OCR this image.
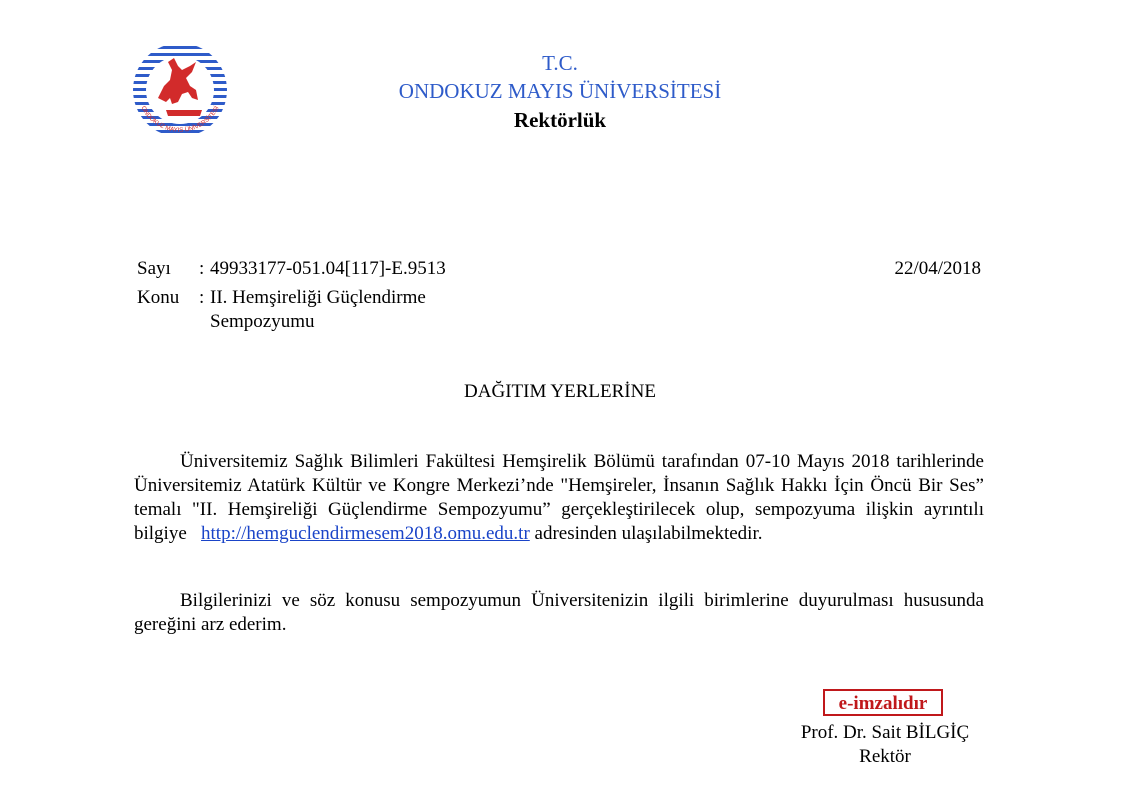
ONDOKUZ MAYIS ÜNİVERSİTESİ
T.C.
ONDOKUZ MAYIS ÜNİVERSİTESİ
Rektörlük
Sayı : 49933177-051.04[117]-E.9513	22/04/2018
Konu : II. Hemşireliği Güçlendirme
Sempozyumu
DAĞITIM YERLERİNE

Üniversitemiz Sağlık Bilimleri Fakültesi Hemşirelik Bölümü tarafından 07-10 Mayıs 2018 tarihlerinde Üniversitemiz Atatürk Kültür ve Kongre Merkezi’nde "Hemşireler, İnsanın Sağlık Hakkı İçin Öncü Bir Ses” temalı "II. Hemşireliği Güçlendirme Sempozyumu” gerçekleştirilecek olup, sempozyuma ilişkin ayrıntılı bilgiye http://hemguclendirmesem2018.omu.edu.tr adresinden ulaşılabilmektedir.

Bilgilerinizi ve söz konusu sempozyumun Üniversitenizin ilgili birimlerine duyurulması hususunda gereğini arz ederim.

e-imzalıdır
Prof. Dr. Sait BİLGİÇ
Rektör
